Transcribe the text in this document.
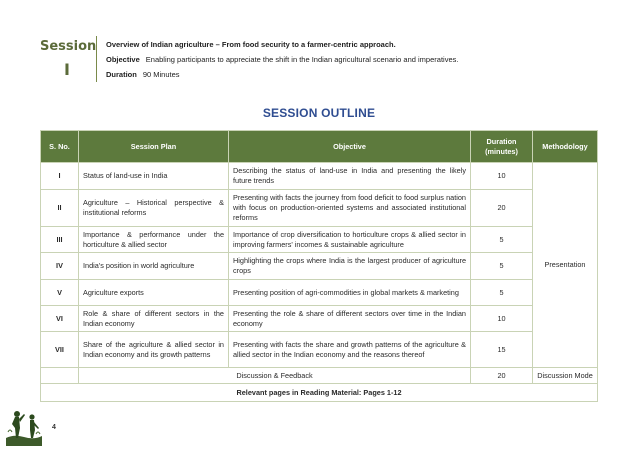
Session
I
Overview of Indian agriculture – From food security to a farmer-centric approach.
Objective Enabling participants to appreciate the shift in the Indian agricultural scenario and imperatives.
Duration 90 Minutes
SESSION OUTLINE
S. No.	Session Plan	Objective	Duration (minutes)	Methodology
I	Status of land-use in India	Describing the status of land-use in India and presenting the likely future trends	10	Presentation
II	Agriculture – Historical perspective & institutional reforms	Presenting with facts the journey from food deficit to food surplus nation with focus on production-oriented systems and associated institutional reforms	20	
III	Importance & performance under the horticulture & allied sector	Importance of crop diversification to horticulture crops & allied sector in improving farmers' incomes & sustainable agriculture	5	
IV	India's position in world agriculture	Highlighting the crops where India is the largest producer of agriculture crops	5	
V	Agriculture exports	Presenting position of agri-commodities in global markets & marketing	5	
VI	Role & share of different sectors in the Indian economy	Presenting the role & share of different sectors over time in the Indian economy	10	
VII	Share of the agriculture & allied sector in Indian economy and its growth patterns	Presenting with facts the share and growth patterns of the agriculture & allied sector in the Indian economy and the reasons thereof	15	
	Discussion & Feedback		20	Discussion Mode
Relevant pages in Reading Material: Pages 1-12				
4
